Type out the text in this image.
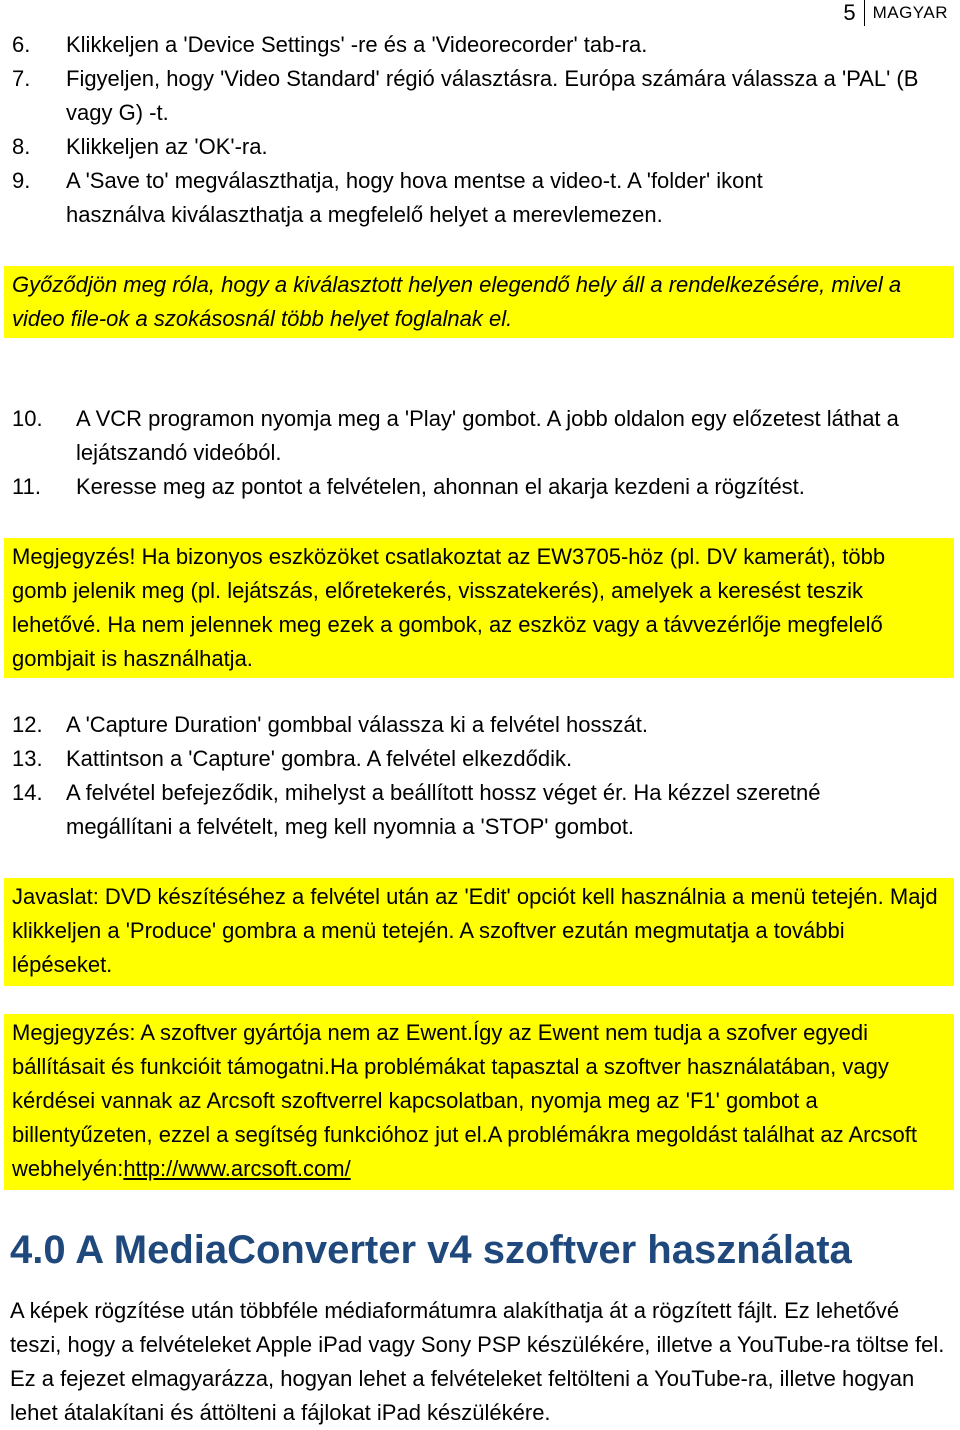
5	MAGYAR
6.	Klikkeljen a 'Device Settings' -re és a 'Videorecorder' tab-ra.
7.	Figyeljen, hogy 'Video Standard' régió választásra. Európa számára válassza a 'PAL' (B vagy G) -t.
8.	Klikkeljen az 'OK'-ra.
9.	A 'Save to' megválaszthatja, hogy hova mentse a video-t. A 'folder' ikont használva kiválaszthatja a megfelelő helyet a merevlemezen.
Győződjön meg róla, hogy a kiválasztott helyen elegendő hely áll a rendelkezésére, mivel a video file-ok a szokásosnál több helyet foglalnak el.
10.	A VCR programon nyomja meg a 'Play' gombot. A jobb oldalon egy előzetest láthat a lejátszandó videóból.
11.	Keresse meg az pontot a felvételen, ahonnan el akarja kezdeni a rögzítést.
Megjegyzés! Ha bizonyos eszközöket csatlakoztat az EW3705-höz (pl. DV kamerát), több gomb jelenik meg (pl. lejátszás, előretekerés, visszatekerés), amelyek a keresést teszik lehetővé. Ha nem jelennek meg ezek a gombok, az eszköz vagy a távvezérlője megfelelő gombjait is használhatja.
12.	A 'Capture Duration' gombbal válassza ki a felvétel hosszát.
13.	Kattintson a 'Capture' gombra. A felvétel elkezdődik.
14.	A felvétel befejeződik, mihelyst a beállított hossz véget ér. Ha kézzel szeretné megállítani a felvételt, meg kell nyomnia a 'STOP' gombot.
Javaslat: DVD készítéséhez a felvétel után az 'Edit' opciót kell használnia a menü tetején. Majd klikkeljen a 'Produce' gombra a menü tetején. A szoftver ezután megmutatja a további lépéseket.
Megjegyzés: A szoftver gyártója nem az Ewent.Így az Ewent nem tudja a szofver egyedi bállításait és funkcióit támogatni.Ha problémákat tapasztal a szoftver használatában, vagy kérdései vannak az Arcsoft szoftverrel kapcsolatban, nyomja meg az 'F1' gombot a billentyűzeten, ezzel a segítség funkcióhoz jut el.A problémákra megoldást találhat az Arcsoft webhelyén:http://www.arcsoft.com/
4.0 A MediaConverter v4 szoftver használata

A képek rögzítése után többféle médiaformátumra alakíthatja át a rögzített fájlt. Ez lehetővé teszi, hogy a felvételeket Apple iPad vagy Sony PSP készülékére, illetve a YouTube-ra töltse fel. Ez a fejezet elmagyarázza, hogyan lehet a felvételeket feltölteni a YouTube-ra, illetve hogyan lehet átalakítani és áttölteni a fájlokat iPad készülékére.
